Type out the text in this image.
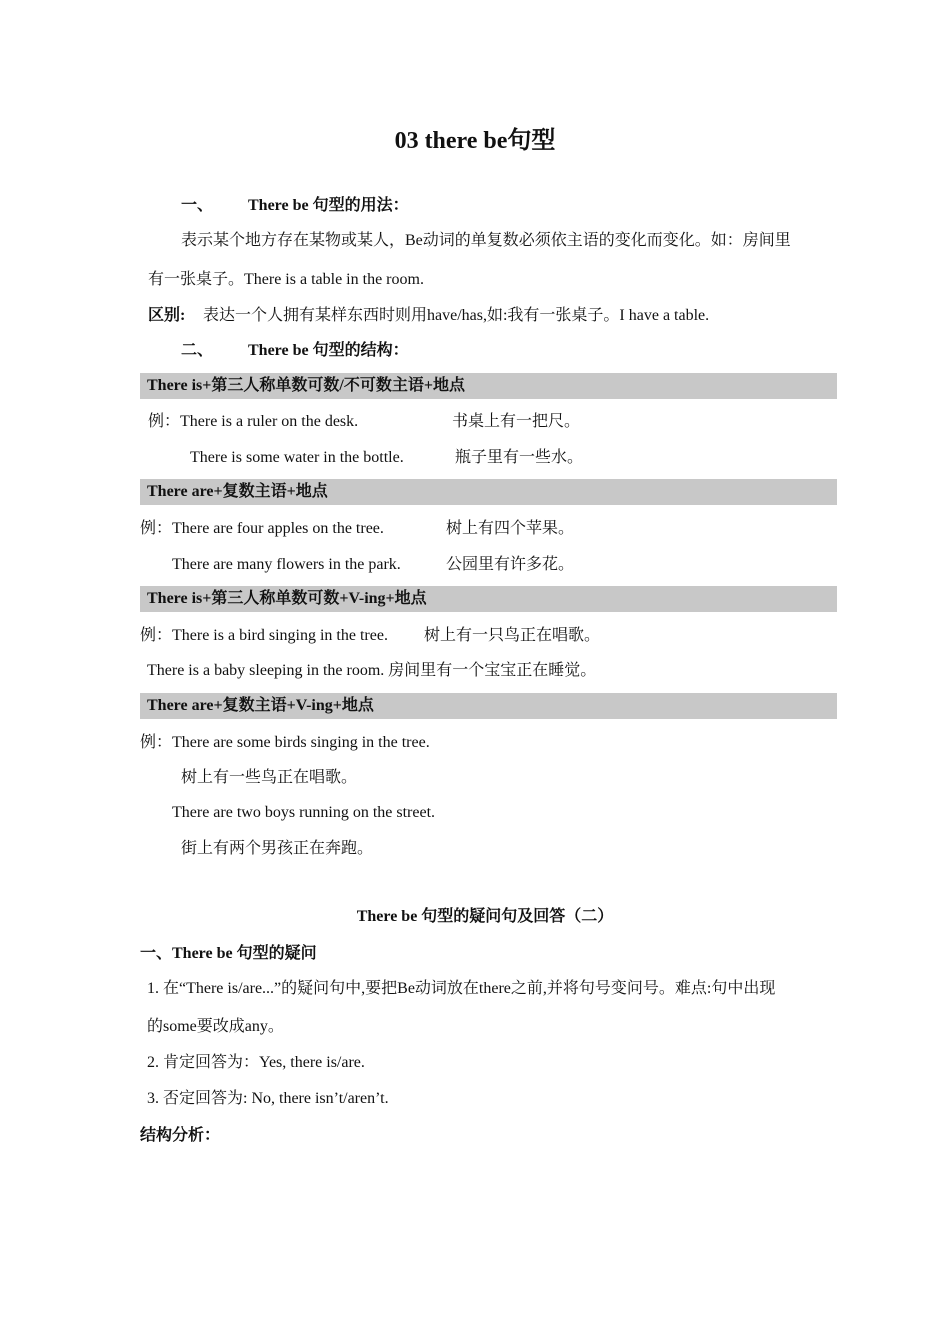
03 there be句型
一、 There be 句型的用法：
表示某个地方存在某物或某人，Be动词的单复数必须依主语的变化而变化。如：房间里
有一张桌子。There is a table in the room.
区别: 表达一个人拥有某样东西时则用have/has,如:我有一张桌子。I have a table.
二、 There be 句型的结构：
There is+第三人称单数可数/不可数主语+地点
例：There is a ruler on the desk.	书桌上有一把尺。
There is some water in the bottle.	瓶子里有一些水。
There are+复数主语+地点
例：There are four apples on the tree.	树上有四个苹果。
There are many flowers in the park.	公园里有许多花。
There is+第三人称单数可数+V-ing+地点
例：There is a bird singing in the tree. 树上有一只鸟正在唱歌。
There is a baby sleeping in the room. 房间里有一个宝宝正在睡觉。
There are+复数主语+V-ing+地点
例：There are some birds singing in the tree.
树上有一些鸟正在唱歌。
There are two boys running on the street.
街上有两个男孩正在奔跑。
There be 句型的疑问句及回答（二）
一、There be 句型的疑问
1. 在“There is/are...”的疑问句中,要把Be动词放在there之前,并将句号变问号。难点:句中出现
的some要改成any。
2. 肯定回答为：Yes, there is/are.
3. 否定回答为: No, there isn’t/aren’t.
结构分析：
